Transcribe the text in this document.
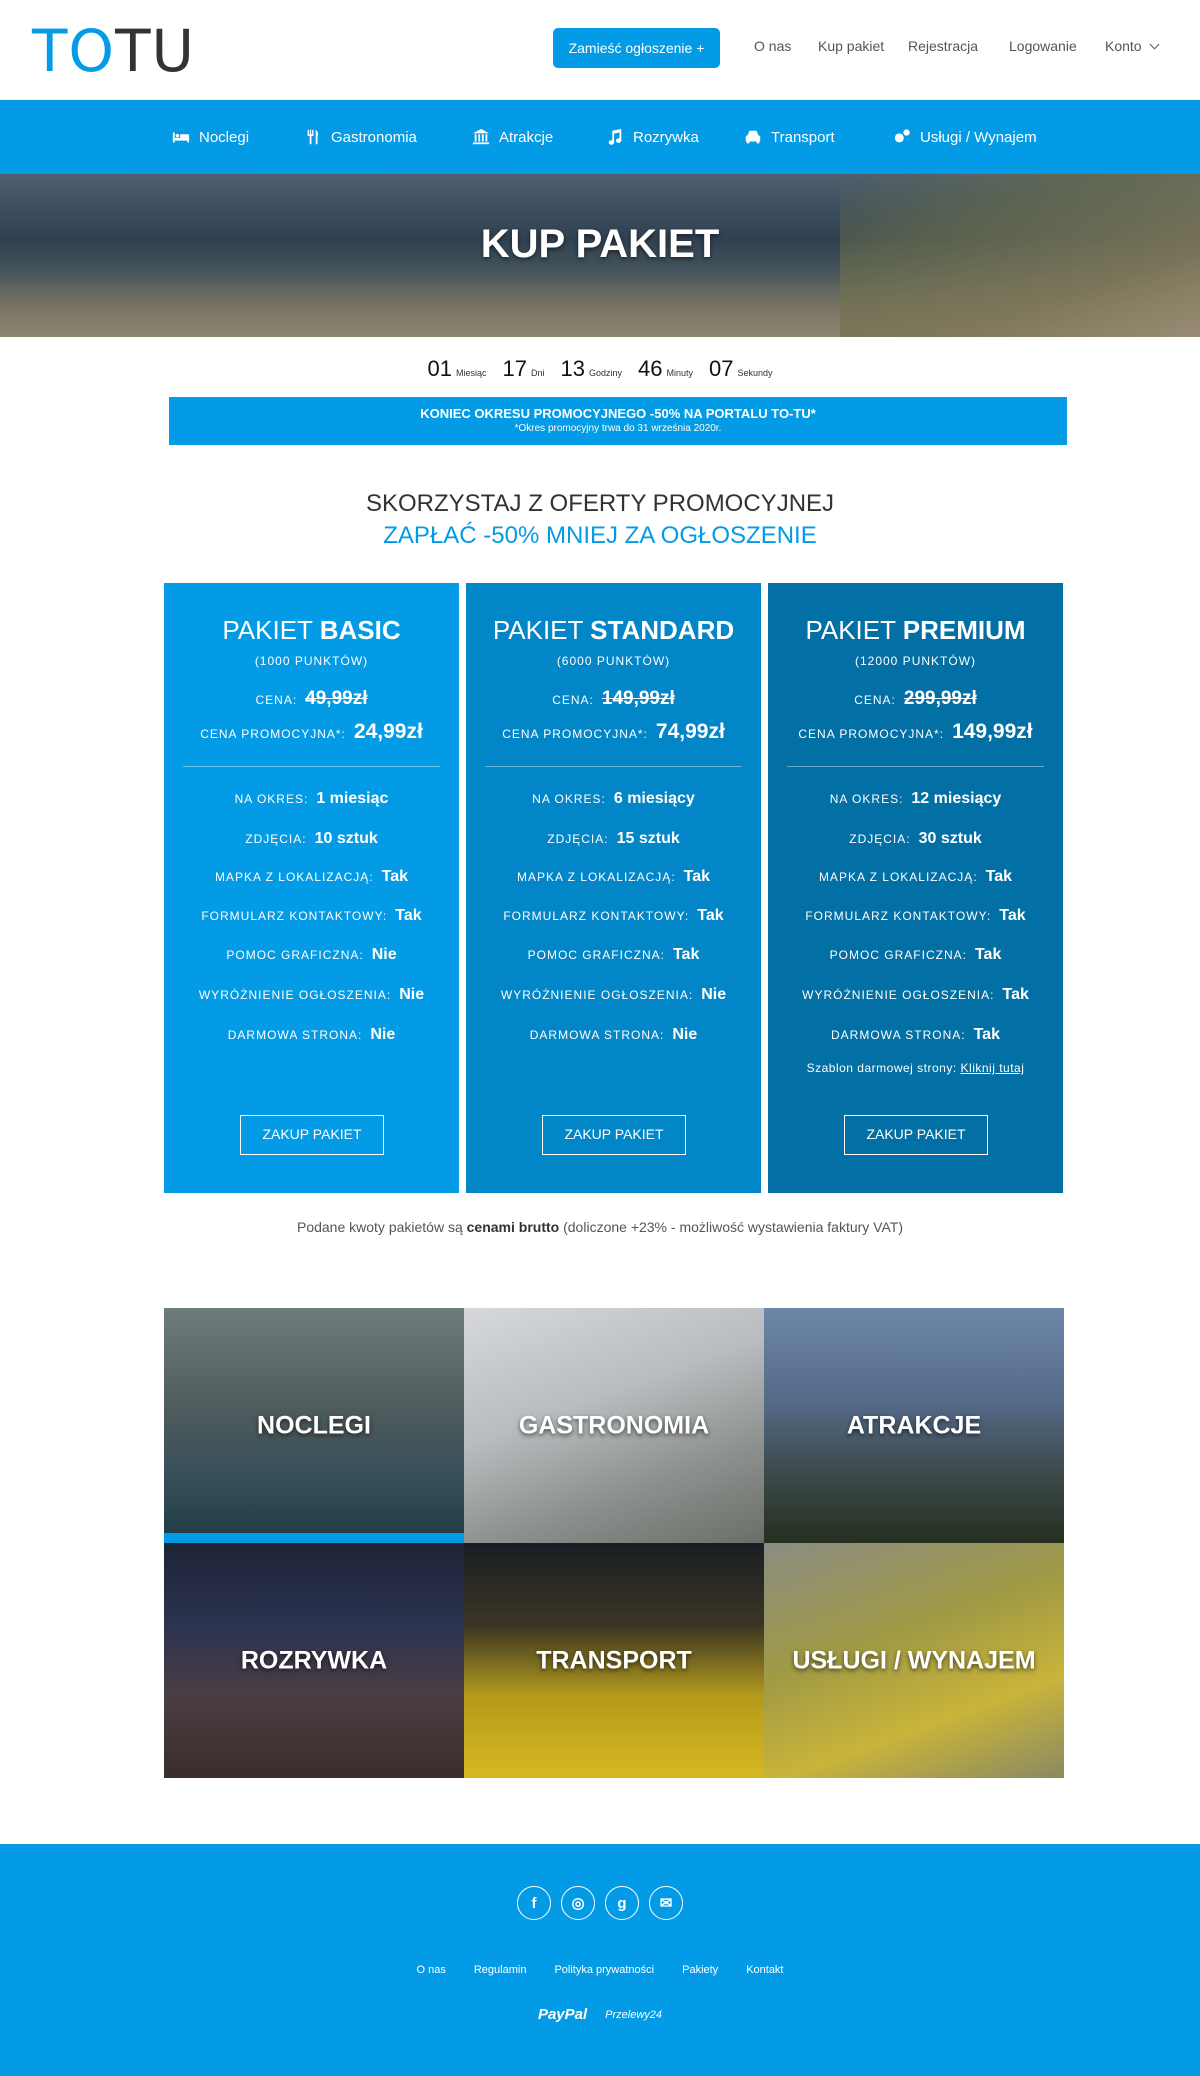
TOTU	Zamieść ogłoszenie +	O nas Kup pakiet Rejestracja Logowanie Konto
Noclegi	Gastronomia	Atrakcje	Rozrywka	Transport	Usługi / Wynajem
KUP PAKIET
01 Miesiąc 17 Dni 13 Godziny 46 Minuty 07 Sekundy
KONIEC OKRESU PROMOCYJNEGO -50% NA PORTALU TO-TU*
*Okres promocyjny trwa do 31 września 2020r.
SKORZYSTAJ Z OFERTY PROMOCYJNEJ
ZAPŁAĆ -50% MNIEJ ZA OGŁOSZENIE
PAKIET BASIC
(1000 PUNKTÓW)
CENA: 49,99zł
CENA PROMOCYJNA*: 24,99zł
NA OKRES: 1 miesiąc
ZDJĘCIA: 10 sztuk
MAPKA Z LOKALIZACJĄ: Tak
FORMULARZ KONTAKTOWY: Tak
POMOC GRAFICZNA: Nie
WYRÓŻNIENIE OGŁOSZENIA: Nie
DARMOWA STRONA: Nie
ZAKUP PAKIET
PAKIET STANDARD
(6000 PUNKTÓW)
CENA: 149,99zł
CENA PROMOCYJNA*: 74,99zł
NA OKRES: 6 miesiący
ZDJĘCIA: 15 sztuk
MAPKA Z LOKALIZACJĄ: Tak
FORMULARZ KONTAKTOWY: Tak
POMOC GRAFICZNA: Tak
WYRÓŻNIENIE OGŁOSZENIA: Nie
DARMOWA STRONA: Nie
ZAKUP PAKIET
PAKIET PREMIUM
(12000 PUNKTÓW)
CENA: 299,99zł
CENA PROMOCYJNA*: 149,99zł
NA OKRES: 12 miesiący
ZDJĘCIA: 30 sztuk
MAPKA Z LOKALIZACJĄ: Tak
FORMULARZ KONTAKTOWY: Tak
POMOC GRAFICZNA: Tak
WYRÓŻNIENIE OGŁOSZENIA: Tak
DARMOWA STRONA: Tak
Szablon darmowej strony: Kliknij tutaj
ZAKUP PAKIET
Podane kwoty pakietów są cenami brutto (doliczone +23% - możliwość wystawienia faktury VAT)
NOCLEGI	GASTRONOMIA	ATRAKCJE
ROZRYWKA	TRANSPORT	USŁUGI / WYNAJEM
f	◎	g	✉
O nas	Regulamin	Polityka prywatności	Pakiety	Kontakt
PayPal Przelewy24
